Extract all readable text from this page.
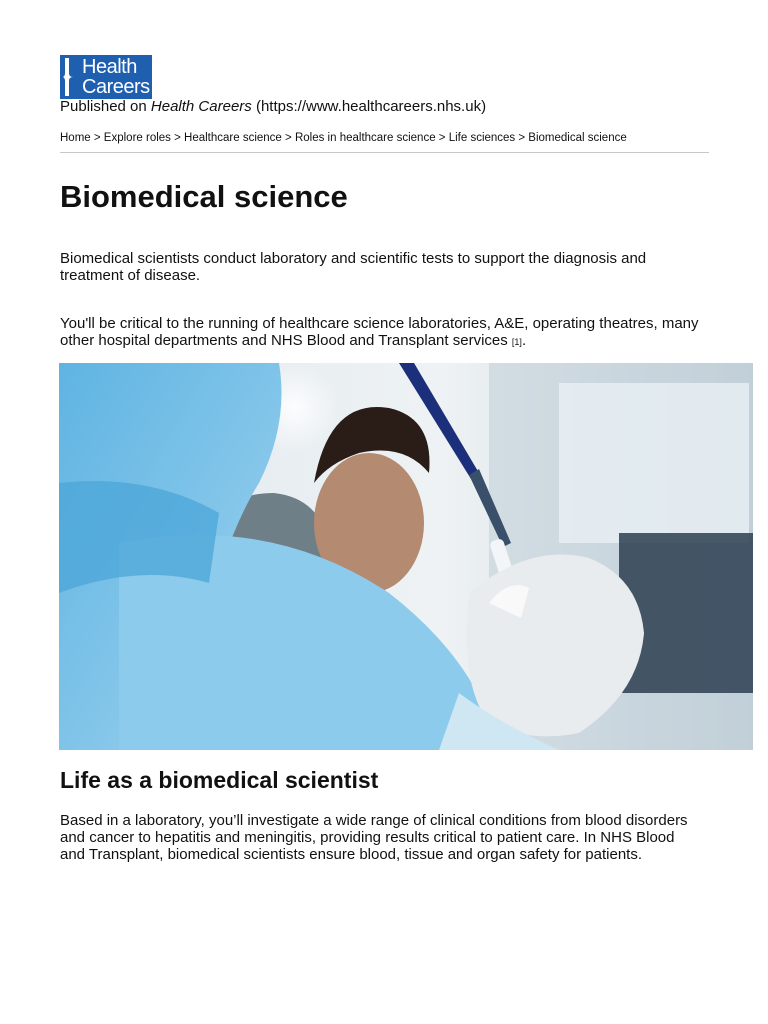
Health
Careers
Published on Health Careers (https://www.healthcareers.nhs.uk)
Home > Explore roles > Healthcare science > Roles in healthcare science > Life sciences > Biomedical science
Biomedical science

Biomedical scientists conduct laboratory and scientific tests to support the diagnosis and treatment of disease.

You'll be critical to the running of healthcare science laboratories, A&E, operating theatres, many other hospital departments and NHS Blood and Transplant services [1].

Life as a biomedical scientist

Based in a laboratory, you’ll investigate a wide range of clinical conditions from blood disorders and cancer to hepatitis and meningitis, providing results critical to patient care. In NHS Blood and Transplant, biomedical scientists ensure blood, tissue and organ safety for patients.
